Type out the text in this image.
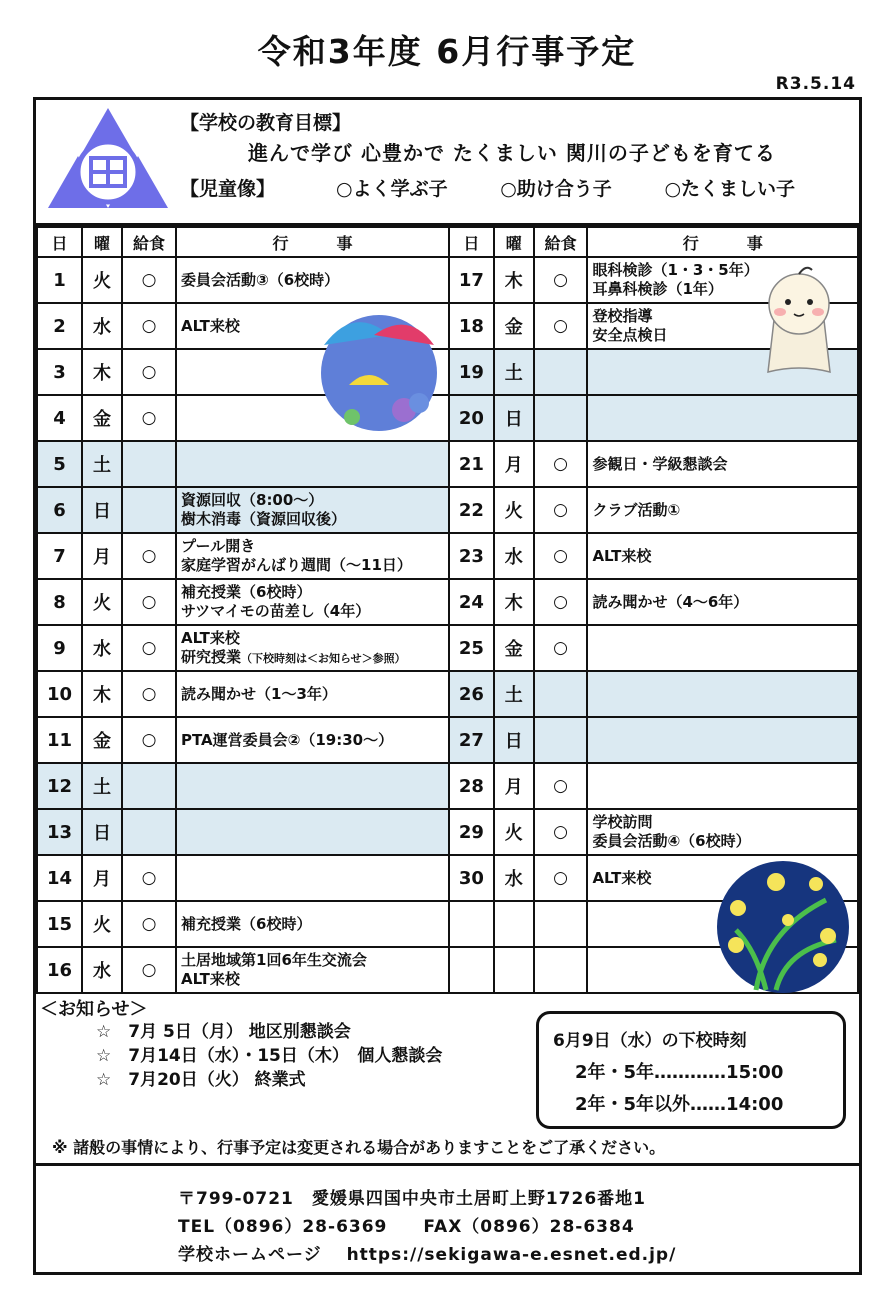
令和3年度 6月行事予定
R3.5.14
【学校の教育目標】
進んで学び 心豊かで たくましい 関川の子どもを育てる
【児童像】	○よく学ぶ子	○助け合う子	○たくましい子
日	曜	給食	行　　　事
1	火	○	委員会活動③（6校時）

2	水	○	ALT来校

3	木	○	
4	金	○	
5	土		
6	日		資源回収（8:00～）
樹木消毒（資源回収後）

7	月	○	プール開き
家庭学習がんばり週間（～11日）

8	火	○	補充授業（6校時）
サツマイモの苗差し（4年）

9	水	○	ALT来校
研究授業（下校時刻は＜お知らせ＞参照）

10	木	○	読み聞かせ（1～3年）

11	金	○	PTA運営委員会②（19:30～）

12	土		
13	日		
14	月	○	
15	火	○	補充授業（6校時）

16	水	○	土居地域第1回6年生交流会
ALT来校
日	曜	給食	行　　　事
17	木	○	眼科検診（1・3・5年）
耳鼻科検診（1年）

18	金	○	登校指導
安全点検日

19	土		
20	日		
21	月	○	参観日・学級懇談会

22	火	○	クラブ活動①

23	水	○	ALT来校

24	木	○	読み聞かせ（4～6年）

25	金	○	
26	土		
27	日		
28	月	○	
29	火	○	学校訪問
委員会活動④（6校時）

30	水	○	ALT来校

＜お知らせ＞
☆　7月 5日（月） 地区別懇談会
☆　7月14日（水）・15日（木）　個人懇談会
☆　7月20日（火） 終業式
6月9日（水）の下校時刻
2年・5年…………15:00
2年・5年以外……14:00
※ 諸般の事情により、行事予定は変更される場合がありますことをご了承ください。
〒799-0721　愛媛県四国中央市土居町上野1726番地1
TEL（0896）28-6369　　FAX（0896）28-6384
学校ホームページ　 https://sekigawa-e.esnet.ed.jp/
